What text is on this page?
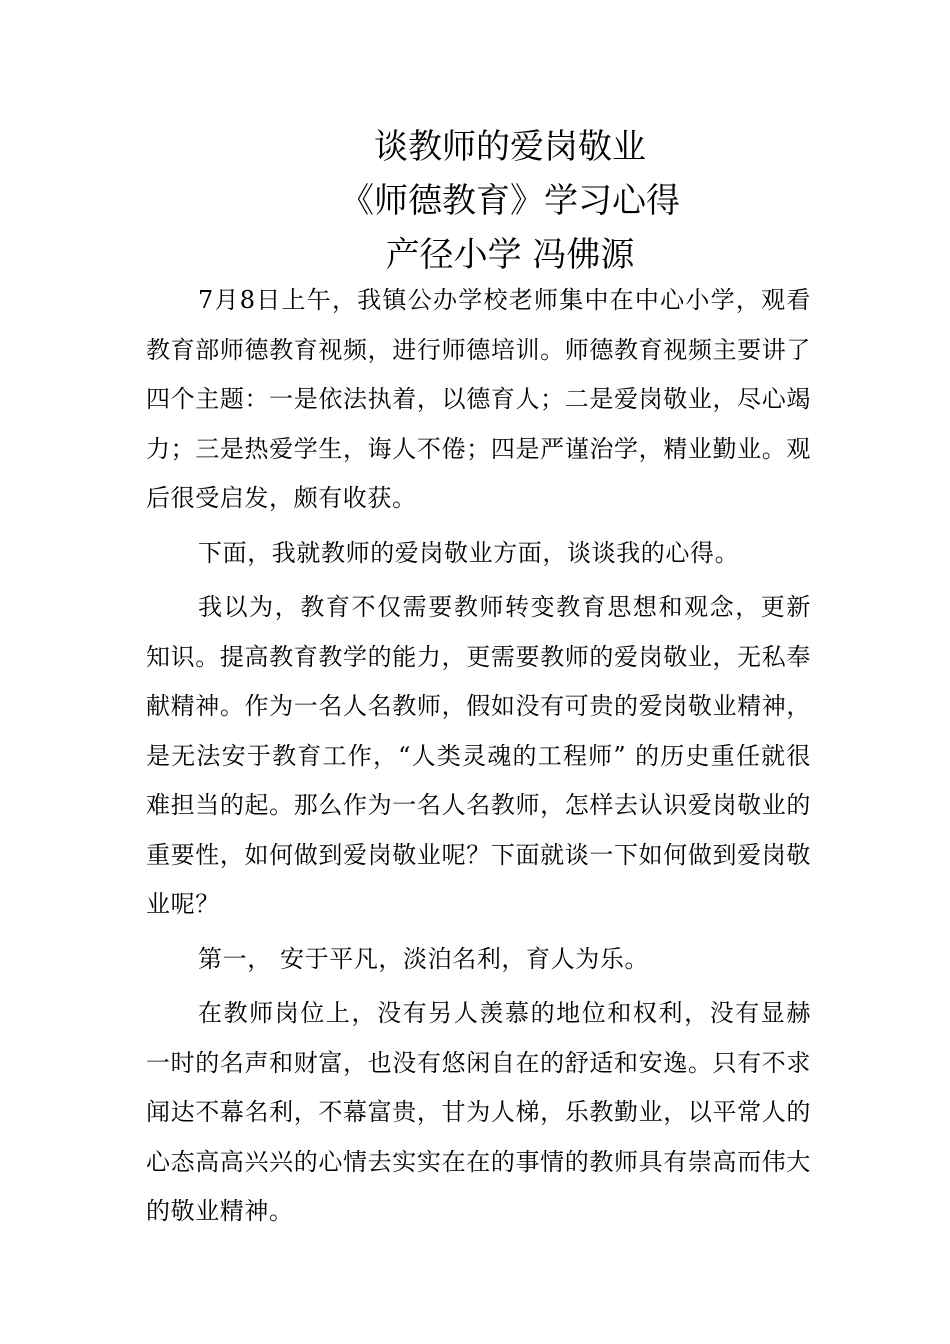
谈教师的爱岗敬业
《师德教育》学习心得
产径小学 冯佛源

7月8日上午，我镇公办学校老师集中在中心小学，观看教育部师德教育视频，进行师德培训。师德教育视频主要讲了四个主题：一是依法执着，以德育人；二是爱岗敬业，尽心竭力；三是热爱学生，诲人不倦；四是严谨治学，精业勤业。观后很受启发，颇有收获。

下面，我就教师的爱岗敬业方面，谈谈我的心得。

我以为，教育不仅需要教师转变教育思想和观念，更新知识。提高教育教学的能力，更需要教师的爱岗敬业，无私奉献精神。作为一名人名教师，假如没有可贵的爱岗敬业精神，是无法安于教育工作，“人类灵魂的工程师” 的历史重任就很难担当的起。那么作为一名人名教师，怎样去认识爱岗敬业的重要性，如何做到爱岗敬业呢？下面就谈一下如何做到爱岗敬业呢？

第一， 安于平凡，淡泊名利，育人为乐。

在教师岗位上，没有另人羡慕的地位和权利，没有显赫一时的名声和财富，也没有悠闲自在的舒适和安逸。只有不求闻达不幕名利，不幕富贵，甘为人梯，乐教勤业，以平常人的心态高高兴兴的心情去实实在在的事情的教师具有崇高而伟大的敬业精神。
